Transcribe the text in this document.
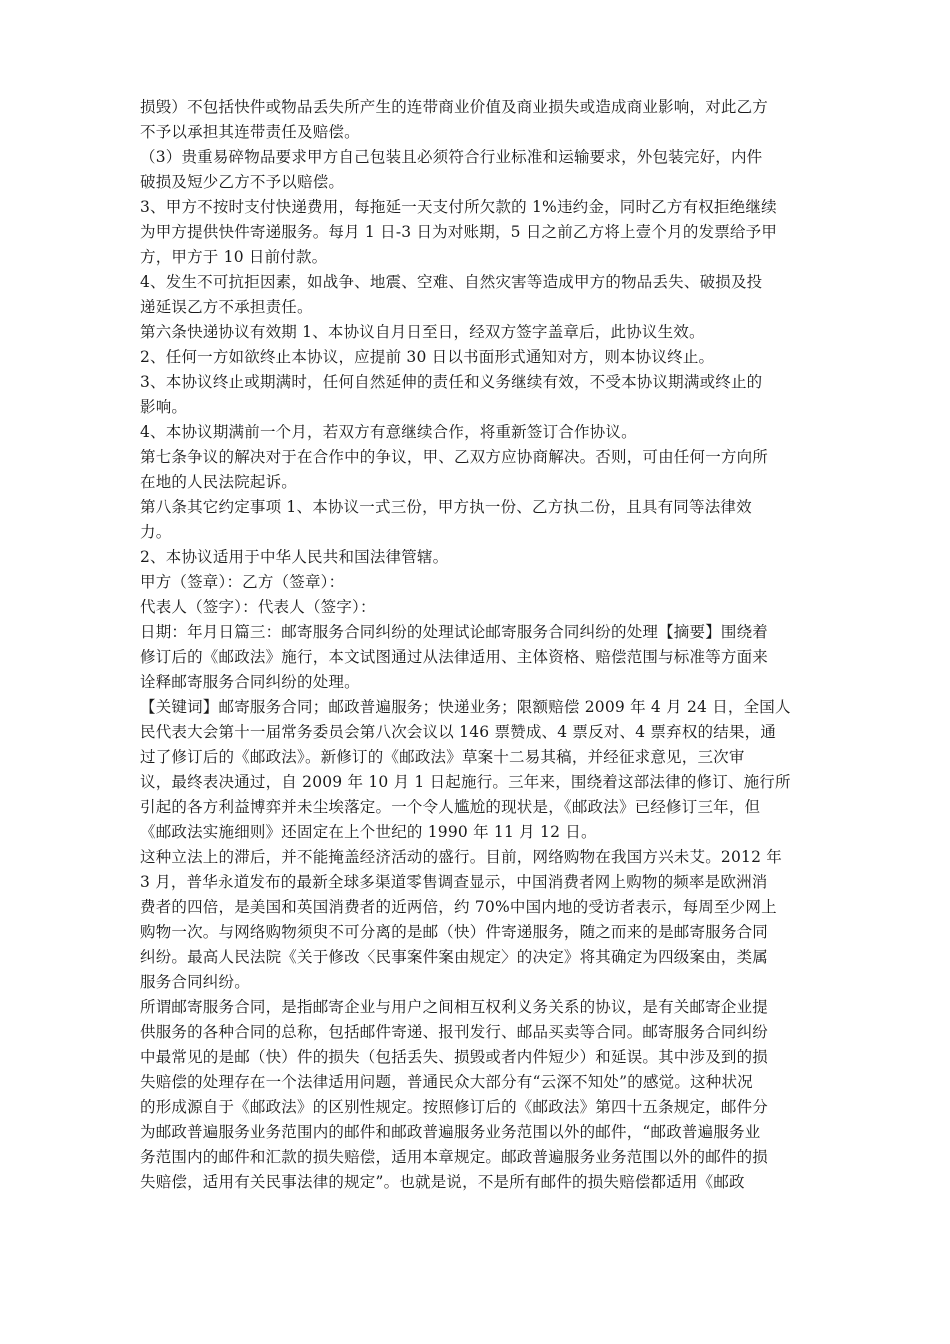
损毁）不包括快件或物品丢失所产生的连带商业价值及商业损失或造成商业影响，对此乙方
不予以承担其连带责任及赔偿。
（3）贵重易碎物品要求甲方自己包装且必须符合行业标准和运输要求，外包装完好，内件
破损及短少乙方不予以赔偿。
3、甲方不按时支付快递费用，每拖延一天支付所欠款的 1%违约金，同时乙方有权拒绝继续
为甲方提供快件寄递服务。每月 1 日-3 日为对账期，5 日之前乙方将上壹个月的发票给予甲
方，甲方于 10 日前付款。
4、发生不可抗拒因素，如战争、地震、空难、自然灾害等造成甲方的物品丢失、破损及投
递延误乙方不承担责任。
第六条快递协议有效期 1、本协议自月日至日，经双方签字盖章后，此协议生效。
2、任何一方如欲终止本协议，应提前 30 日以书面形式通知对方，则本协议终止。
3、本协议终止或期满时，任何自然延伸的责任和义务继续有效，不受本协议期满或终止的
影响。
4、本协议期满前一个月，若双方有意继续合作，将重新签订合作协议。
第七条争议的解决对于在合作中的争议，甲、乙双方应协商解决。否则，可由任何一方向所
在地的人民法院起诉。
第八条其它约定事项 1、本协议一式三份，甲方执一份、乙方执二份，且具有同等法律效
力。
2、本协议适用于中华人民共和国法律管辖。
甲方（签章）：乙方（签章）：
代表人（签字）：代表人（签字）：
日期：年月日篇三：邮寄服务合同纠纷的处理试论邮寄服务合同纠纷的处理【摘要】围绕着
修订后的《邮政法》施行，本文试图通过从法律适用、主体资格、赔偿范围与标准等方面来
诠释邮寄服务合同纠纷的处理。
【关键词】邮寄服务合同；邮政普遍服务；快递业务；限额赔偿 2009 年 4 月 24 日，全国人
民代表大会第十一届常务委员会第八次会议以 146 票赞成、4 票反对、4 票弃权的结果，通
过了修订后的《邮政法》。新修订的《邮政法》草案十二易其稿，并经征求意见，三次审
议，最终表决通过，自 2009 年 10 月 1 日起施行。三年来，围绕着这部法律的修订、施行所
引起的各方利益博弈并未尘埃落定。一个令人尴尬的现状是，《邮政法》已经修订三年，但
《邮政法实施细则》还固定在上个世纪的 1990 年 11 月 12 日。
这种立法上的滞后，并不能掩盖经济活动的盛行。目前，网络购物在我国方兴未艾。2012 年
3 月，普华永道发布的最新全球多渠道零售调查显示，中国消费者网上购物的频率是欧洲消
费者的四倍，是美国和英国消费者的近两倍，约 70%中国内地的受访者表示，每周至少网上
购物一次。与网络购物须臾不可分离的是邮（快）件寄递服务，随之而来的是邮寄服务合同
纠纷。最高人民法院《关于修改〈民事案件案由规定〉的决定》将其确定为四级案由，类属
服务合同纠纷。
所谓邮寄服务合同，是指邮寄企业与用户之间相互权利义务关系的协议，是有关邮寄企业提
供服务的各种合同的总称，包括邮件寄递、报刊发行、邮品买卖等合同。邮寄服务合同纠纷
中最常见的是邮（快）件的损失（包括丢失、损毁或者内件短少）和延误。其中涉及到的损
失赔偿的处理存在一个法律适用问题，普通民众大部分有“云深不知处”的感觉。这种状况
的形成源自于《邮政法》的区别性规定。按照修订后的《邮政法》第四十五条规定，邮件分
为邮政普遍服务业务范围内的邮件和邮政普遍服务业务范围以外的邮件，“邮政普遍服务业
务范围内的邮件和汇款的损失赔偿，适用本章规定。邮政普遍服务业务范围以外的邮件的损
失赔偿，适用有关民事法律的规定”。也就是说，不是所有邮件的损失赔偿都适用《邮政
